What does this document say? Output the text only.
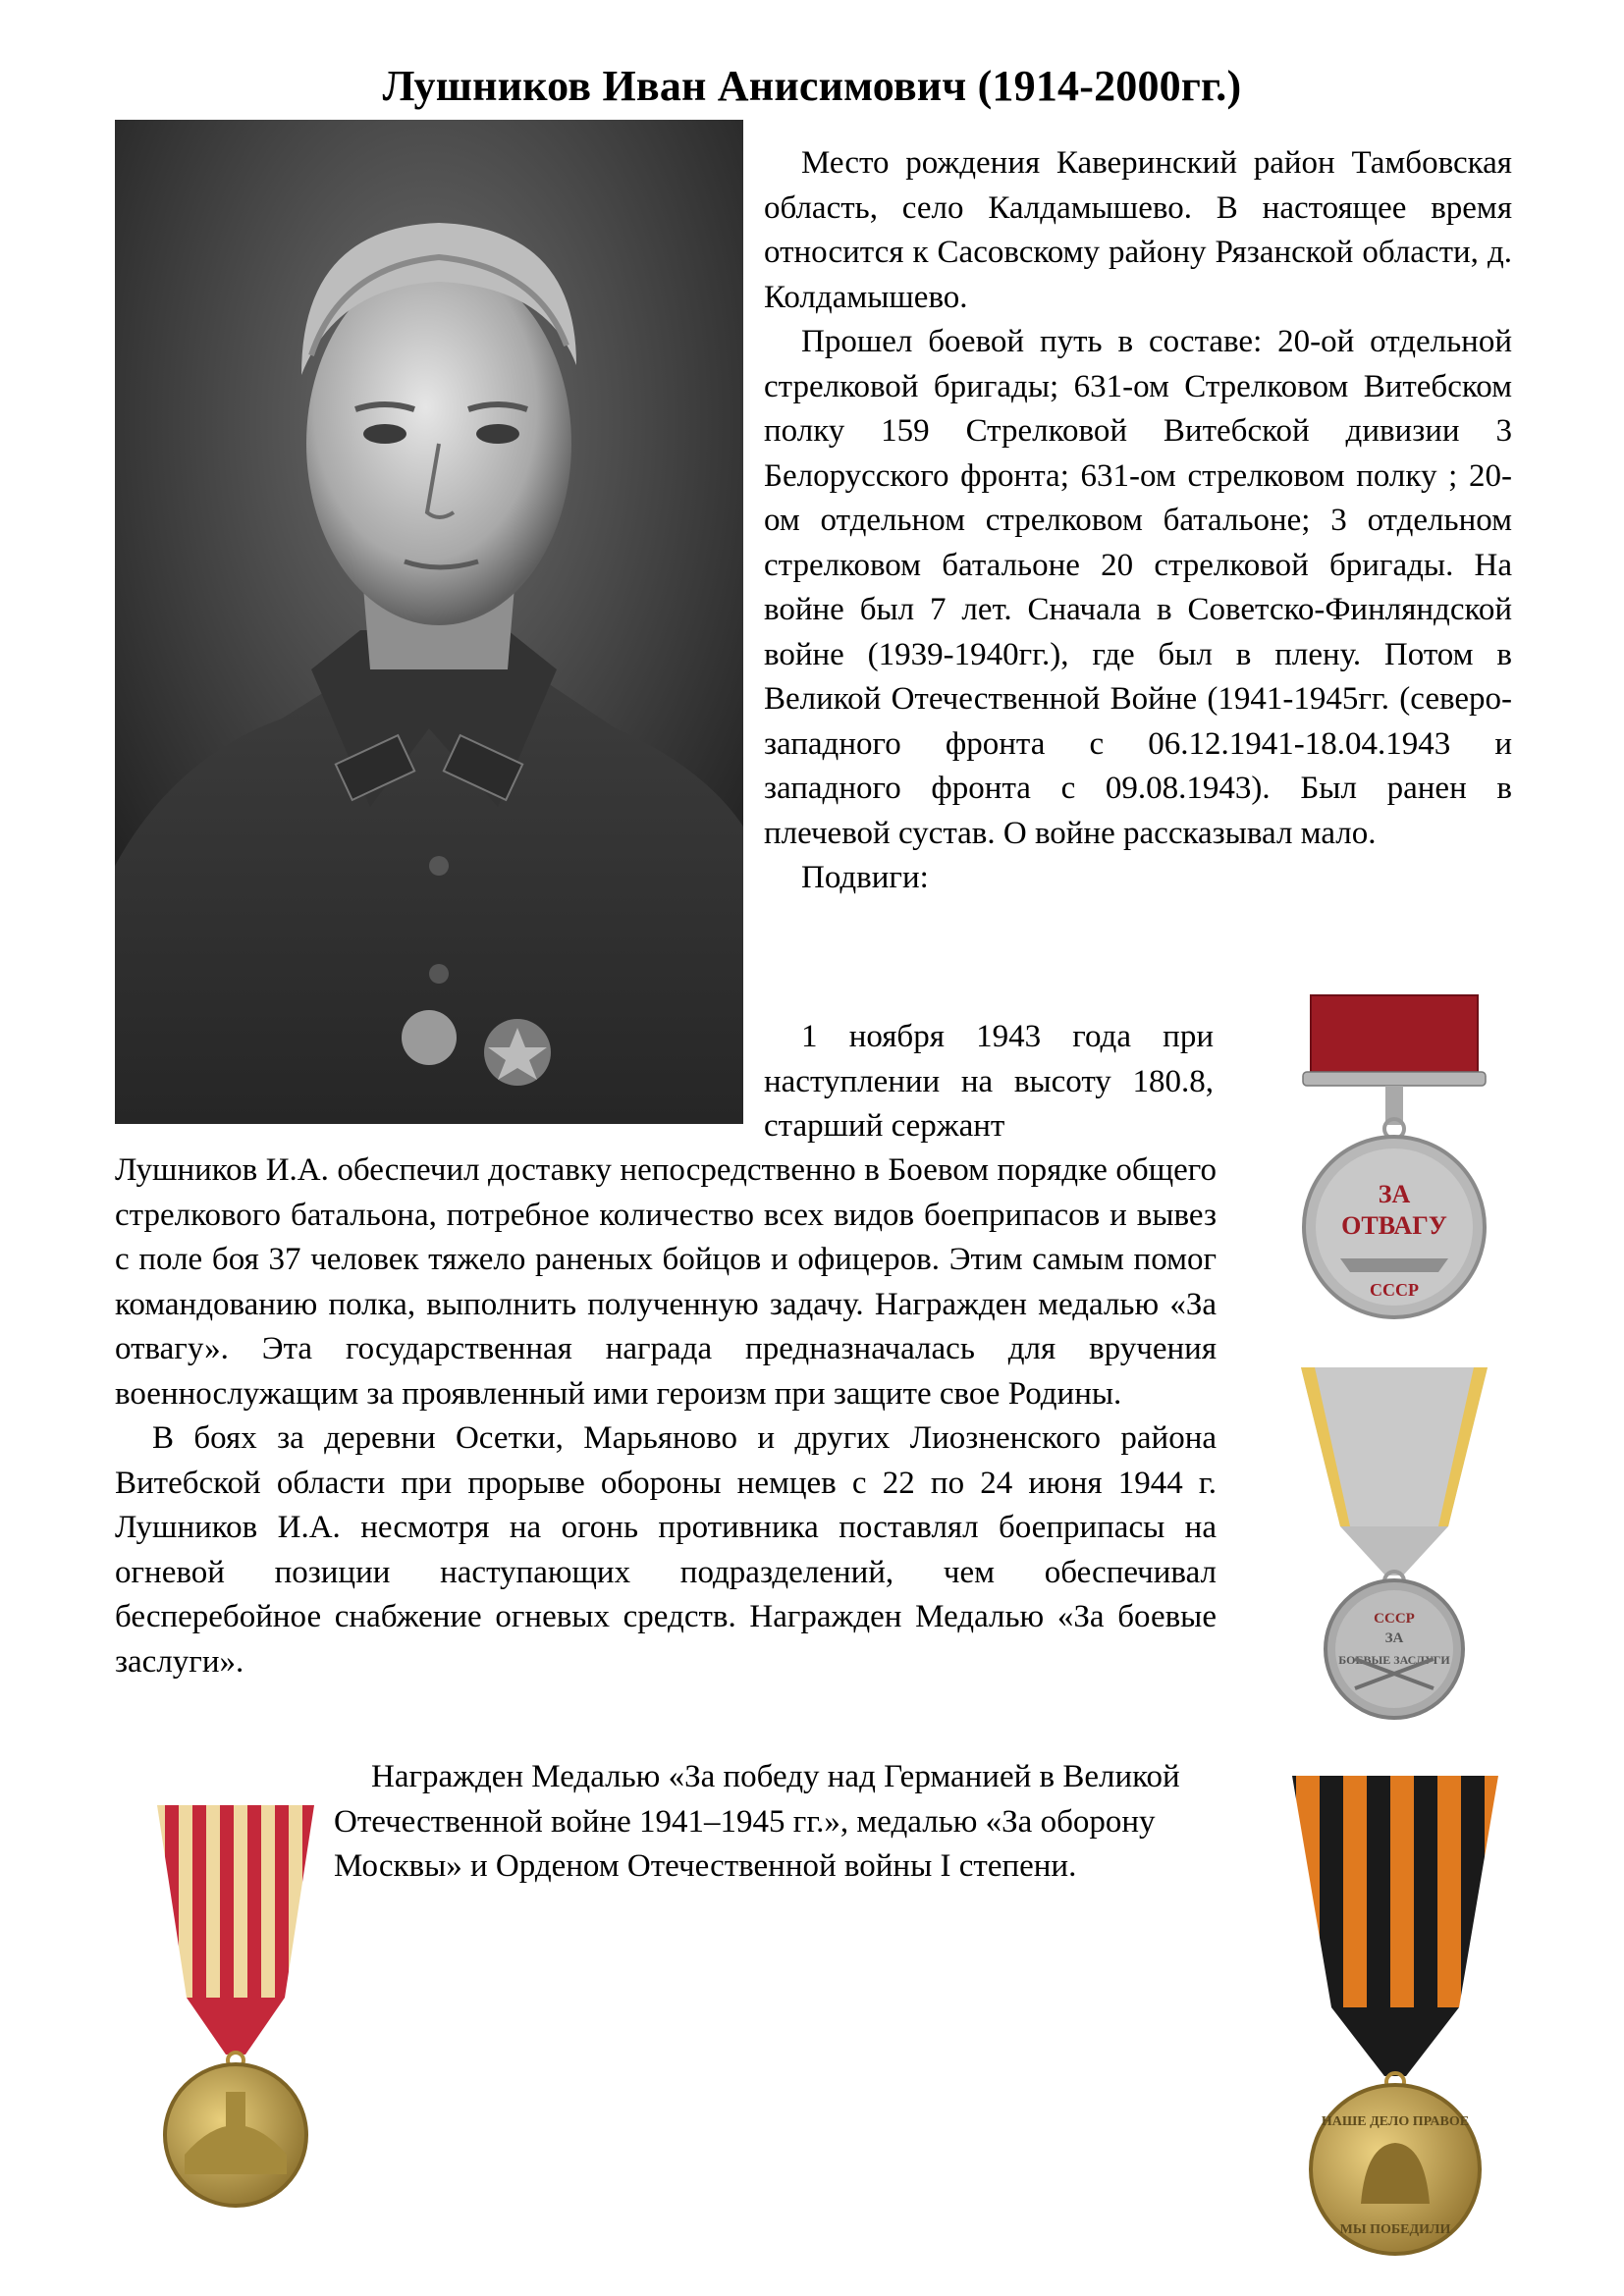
Лушников Иван Анисимович (1914-2000гг.)

Место рождения Каверинский район Тамбовская область, село Калдамышево. В настоящее время относится к Сасовскому району Рязанской области, д. Колдамышево.

Прошел боевой путь в составе: 20-ой отдельной стрелковой бригады; 631-ом Стрелковом Витебском полку 159 Стрелковой Витебской дивизии 3 Белорусского фронта; 631-ом стрелковом полку ; 20-ом отдельном стрелковом батальоне; 3 отдельном стрелковом батальоне 20 стрелковой бригады. На войне был 7 лет. Сначала в Советско-Финляндской войне (1939-1940гг.), где был в плену. Потом в Великой Отечественной Войне (1941-1945гг. (северо-западного фронта с 06.12.1941-18.04.1943 и западного фронта с 09.08.1943). Был ранен в плечевой сустав. О войне рассказывал мало.

Подвиги:

1 ноября 1943 года при наступлении на высоту 180.8, старший сержант

Лушников И.А. обеспечил доставку непосредственно в Боевом порядке общего стрелкового батальона, потребное количество всех видов боеприпасов и вывез с поле боя 37 человек тяжело раненых бойцов и офицеров. Этим самым помог командованию полка, выполнить полученную задачу. Награжден медалью «За отвагу». Эта государственная награда предназначалась для вручения военнослужащим за проявленный ими героизм при защите свое Родины.

В боях за деревни Осетки, Марьяново и других Лиозненского района Витебской области при прорыве обороны немцев с 22 по 24 июня 1944 г. Лушников И.А. несмотря на огонь противника поставлял боеприпасы на огневой позиции наступающих подразделений, чем обеспечивал бесперебойное снабжение огневых средств. Награжден Медалью «За боевые заслуги».

Награжден Медалью «За победу над Германией в Великой Отечественной войне 1941–1945 гг.», медалью «За оборону Москвы» и Орденом Отечественной войны I степени.

ЗА
ОТВАГУ
СССР
СССР
ЗА
БОЕВЫЕ ЗАСЛУГИ
НАШЕ ДЕЛО ПРАВОЕ
МЫ ПОБЕДИЛИ
